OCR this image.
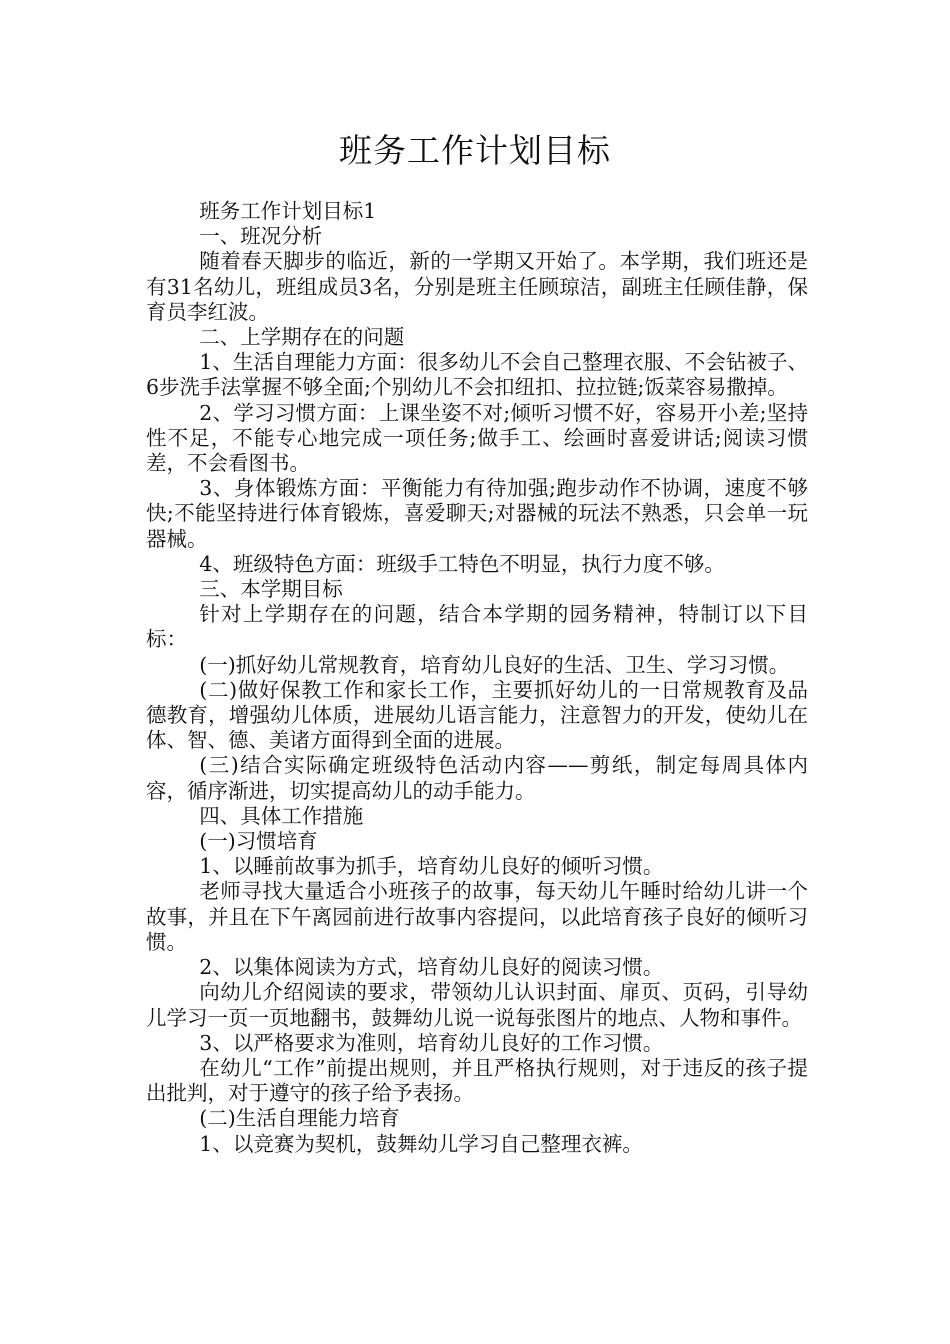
班务工作计划目标

班务工作计划目标1

一、班况分析

随着春天脚步的临近，新的一学期又开始了。本学期，我们班还是有31名幼儿，班组成员3名，分别是班主任顾琼洁，副班主任顾佳静，保育员李红波。

二、上学期存在的问题

1、生活自理能力方面：很多幼儿不会自己整理衣服、不会钻被子、6步洗手法掌握不够全面;个别幼儿不会扣纽扣、拉拉链;饭菜容易撒掉。

2、学习习惯方面：上课坐姿不对;倾听习惯不好，容易开小差;坚持性不足，不能专心地完成一项任务;做手工、绘画时喜爱讲话;阅读习惯差，不会看图书。

3、身体锻炼方面：平衡能力有待加强;跑步动作不协调，速度不够快;不能坚持进行体育锻炼，喜爱聊天;对器械的玩法不熟悉，只会单一玩器械。

4、班级特色方面：班级手工特色不明显，执行力度不够。

三、本学期目标

针对上学期存在的问题，结合本学期的园务精神，特制订以下目标：

(一)抓好幼儿常规教育，培育幼儿良好的生活、卫生、学习习惯。

(二)做好保教工作和家长工作，主要抓好幼儿的一日常规教育及品德教育，增强幼儿体质，进展幼儿语言能力，注意智力的开发，使幼儿在体、智、德、美诸方面得到全面的进展。

(三)结合实际确定班级特色活动内容——剪纸，制定每周具体内容，循序渐进，切实提高幼儿的动手能力。

四、具体工作措施

(一)习惯培育

1、以睡前故事为抓手，培育幼儿良好的倾听习惯。

老师寻找大量适合小班孩子的故事，每天幼儿午睡时给幼儿讲一个故事，并且在下午离园前进行故事内容提问，以此培育孩子良好的倾听习惯。

2、以集体阅读为方式，培育幼儿良好的阅读习惯。

向幼儿介绍阅读的要求，带领幼儿认识封面、扉页、页码，引导幼儿学习一页一页地翻书，鼓舞幼儿说一说每张图片的地点、人物和事件。

3、以严格要求为准则，培育幼儿良好的工作习惯。

在幼儿“工作”前提出规则，并且严格执行规则，对于违反的孩子提出批判，对于遵守的孩子给予表扬。

(二)生活自理能力培育

1、以竞赛为契机，鼓舞幼儿学习自己整理衣裤。
